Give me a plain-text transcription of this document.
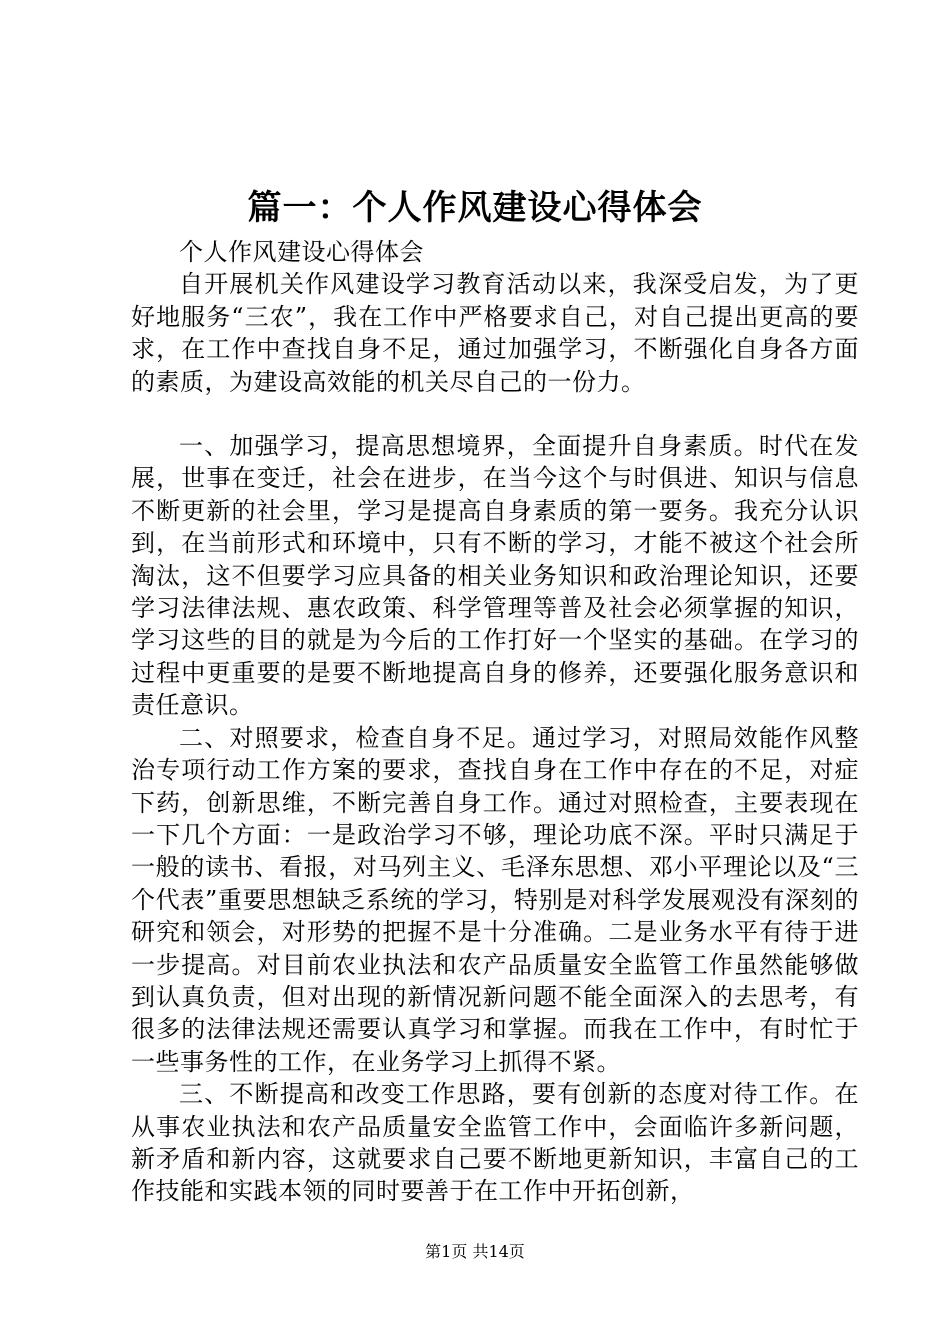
篇一：个人作风建设心得体会

个人作风建设心得体会

自开展机关作风建设学习教育活动以来，我深受启发，为了更好地服务“三农”，我在工作中严格要求自己，对自己提出更高的要求，在工作中查找自身不足，通过加强学习，不断强化自身各方面的素质，为建设高效能的机关尽自己的一份力。

一、加强学习，提高思想境界，全面提升自身素质。时代在发展，世事在变迁，社会在进步，在当今这个与时俱进、知识与信息不断更新的社会里，学习是提高自身素质的第一要务。我充分认识到，在当前形式和环境中，只有不断的学习，才能不被这个社会所淘汰，这不但要学习应具备的相关业务知识和政治理论知识，还要学习法律法规、惠农政策、科学管理等普及社会必须掌握的知识，学习这些的目的就是为今后的工作打好一个坚实的基础。在学习的过程中更重要的是要不断地提高自身的修养，还要强化服务意识和责任意识。

二、对照要求，检查自身不足。通过学习，对照局效能作风整治专项行动工作方案的要求，查找自身在工作中存在的不足，对症下药，创新思维，不断完善自身工作。通过对照检查，主要表现在一下几个方面：一是政治学习不够，理论功底不深。平时只满足于一般的读书、看报，对马列主义、毛泽东思想、邓小平理论以及“三个代表”重要思想缺乏系统的学习，特别是对科学发展观没有深刻的研究和领会，对形势的把握不是十分准确。二是业务水平有待于进一步提高。对目前农业执法和农产品质量安全监管工作虽然能够做到认真负责，但对出现的新情况新问题不能全面深入的去思考，有很多的法律法规还需要认真学习和掌握。而我在工作中，有时忙于一些事务性的工作，在业务学习上抓得不紧。

三、不断提高和改变工作思路，要有创新的态度对待工作。在从事农业执法和农产品质量安全监管工作中，会面临许多新问题，新矛盾和新内容，这就要求自己要不断地更新知识，丰富自己的工作技能和实践本领的同时要善于在工作中开拓创新，

第1页 共14页
